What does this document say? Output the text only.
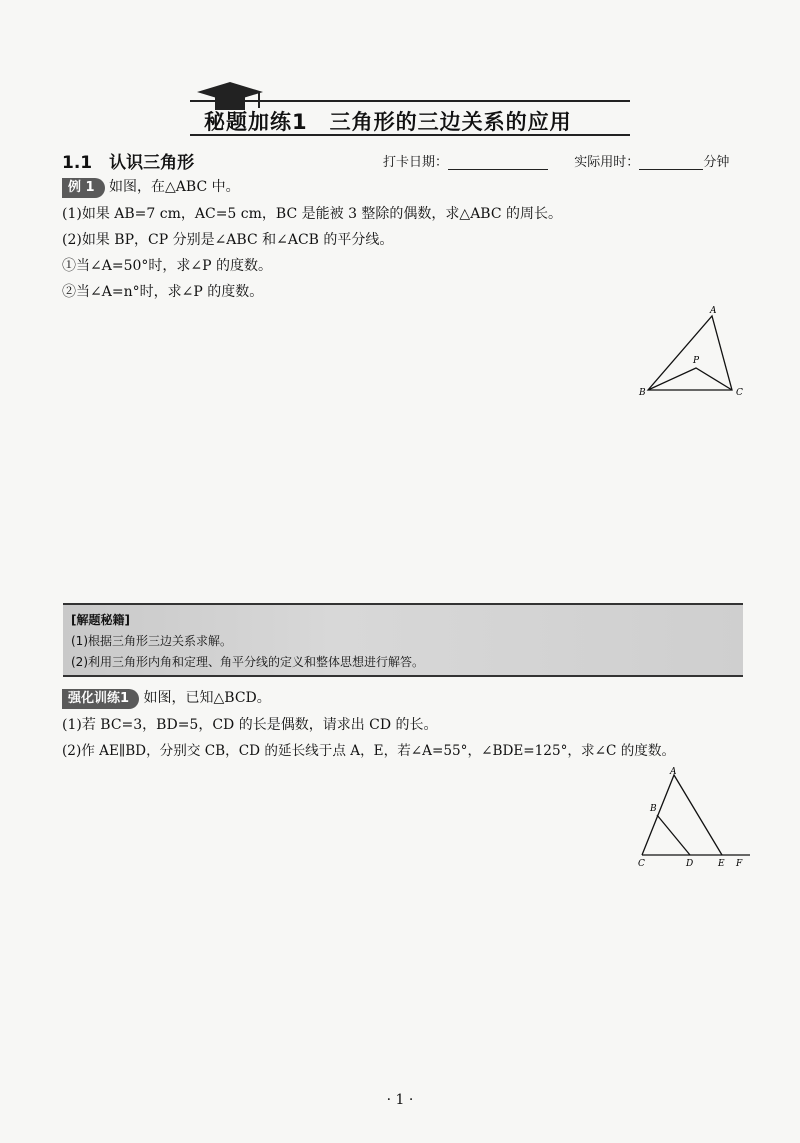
秘题加练1　三角形的三边关系的应用
1.1　认识三角形	打卡日期：	实际用时：	分钟
例 1 如图，在△ABC 中。
(1)如果 AB=7 cm，AC=5 cm，BC 是能被 3 整除的偶数，求△ABC 的周长。
(2)如果 BP，CP 分别是∠ABC 和∠ACB 的平分线。
①当∠A=50°时，求∠P 的度数。
②当∠A=n°时，求∠P 的度数。
A
B	C
P
[解题秘籍]
(1)根据三角形三边关系求解。
(2)利用三角形内角和定理、角平分线的定义和整体思想进行解答。
强化训练1 如图，已知△BCD。
(1)若 BC=3，BD=5，CD 的长是偶数，请求出 CD 的长。
(2)作 AE∥BD，分别交 CB，CD 的延长线于点 A，E，若∠A=55°，∠BDE=125°，求∠C 的度数。
A
B
C	D	E F
· 1 ·
